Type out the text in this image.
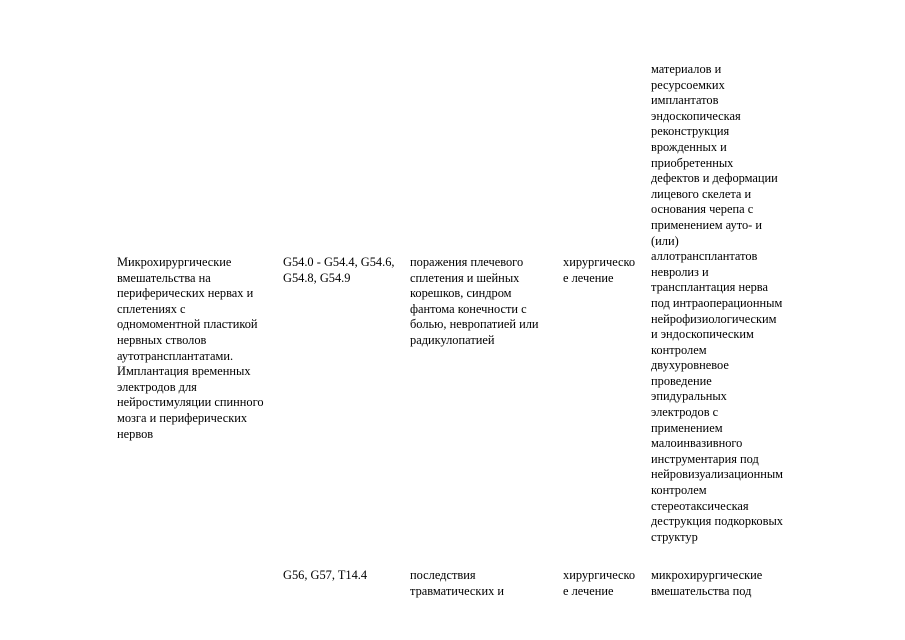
материалов и
ресурсоемких
имплантатов
эндоскопическая
реконструкция
врожденных и
приобретенных
дефектов и деформации
лицевого скелета и
основания черепа с
применением ауто- и
(или)
аллотрансплантатов
невролиз и
трансплантация нерва
под интраоперационным
нейрофизиологическим
и эндоскопическим
контролем
двухуровневое
проведение
эпидуральных
электродов с
применением
малоинвазивного
инструментария под
нейровизуализационным
контролем
стереотаксическая
деструкция подкорковых
структур
Микрохирургические
вмешательства на
периферических нервах и
сплетениях с
одномоментной пластикой
нервных стволов
аутотрансплантатами.
Имплантация временных
электродов для
нейростимуляции спинного
мозга и периферических
нервов
G54.0 - G54.4, G54.6,
G54.8, G54.9
поражения плечевого
сплетения и шейных
корешков, синдром
фантома конечности с
болью, невропатией или
радикулопатией
хирургическо
е лечение
G56, G57, T14.4	последствия
травматических и
хирургическо
е лечение
микрохирургические
вмешательства под
